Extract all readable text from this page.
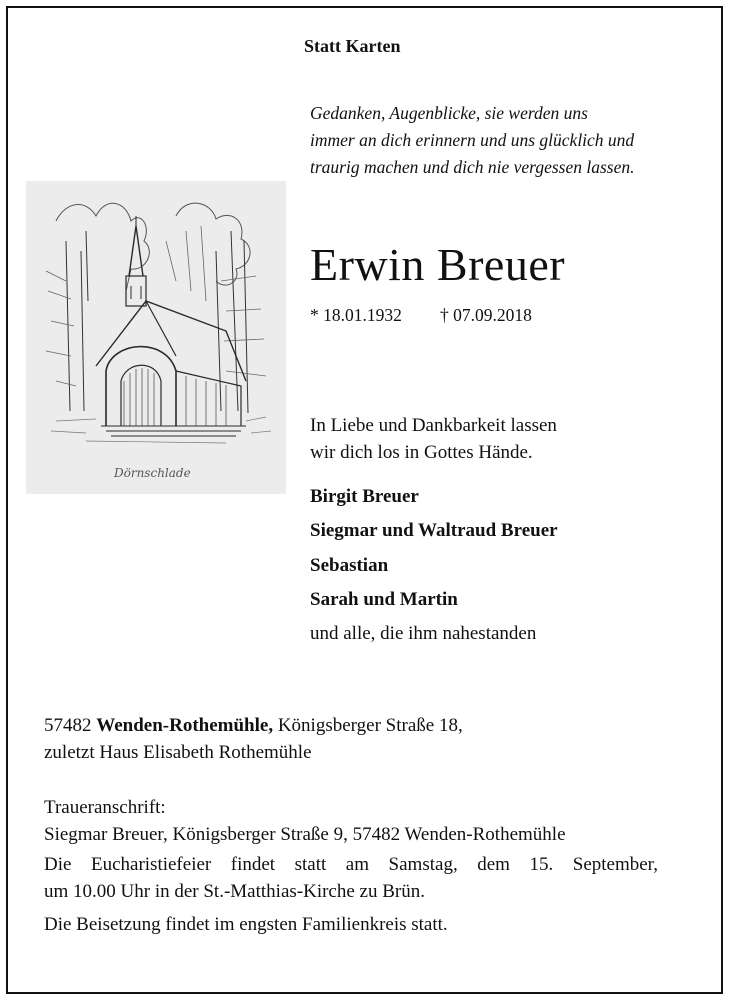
Statt Karten
Gedanken, Augenblicke, sie werden uns
immer an dich erinnern und uns glücklich und
traurig machen und dich nie vergessen lassen.
Dörnschlade
Erwin Breuer
* 18.01.1932 † 07.09.2018
In Liebe und Dankbarkeit lassen
wir dich los in Gottes Hände.
Birgit Breuer
Siegmar und Waltraud Breuer
Sebastian
Sarah und Martin
und alle, die ihm nahestanden
57482 Wenden-Rothemühle, Königsberger Straße 18,
zuletzt Haus Elisabeth Rothemühle
Traueranschrift:
Siegmar Breuer, Königsberger Straße 9, 57482 Wenden-Rothemühle
Die Eucharistiefeier findet statt am Samstag, dem 15. September,
um 10.00 Uhr in der St.-Matthias-Kirche zu Brün.
Die Beisetzung findet im engsten Familienkreis statt.
